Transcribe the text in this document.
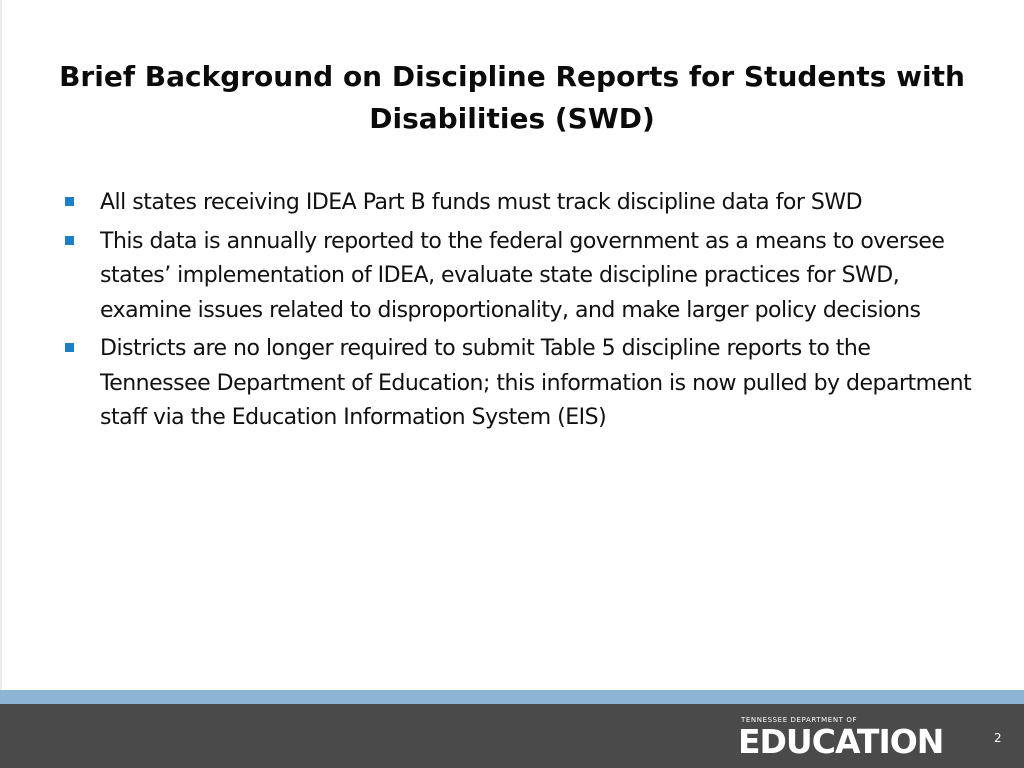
Brief Background on Discipline Reports for Students with Disabilities (SWD)
All states receiving IDEA Part B funds must track discipline data for SWD
This data is annually reported to the federal government as a means to oversee states’ implementation of IDEA, evaluate state discipline practices for SWD, examine issues related to disproportionality, and make larger policy decisions
Districts are no longer required to submit Table 5 discipline reports to the Tennessee Department of Education; this information is now pulled by department staff via the Education Information System (EIS)
TENNESSEE DEPARTMENT OF
EDUCATION	2
